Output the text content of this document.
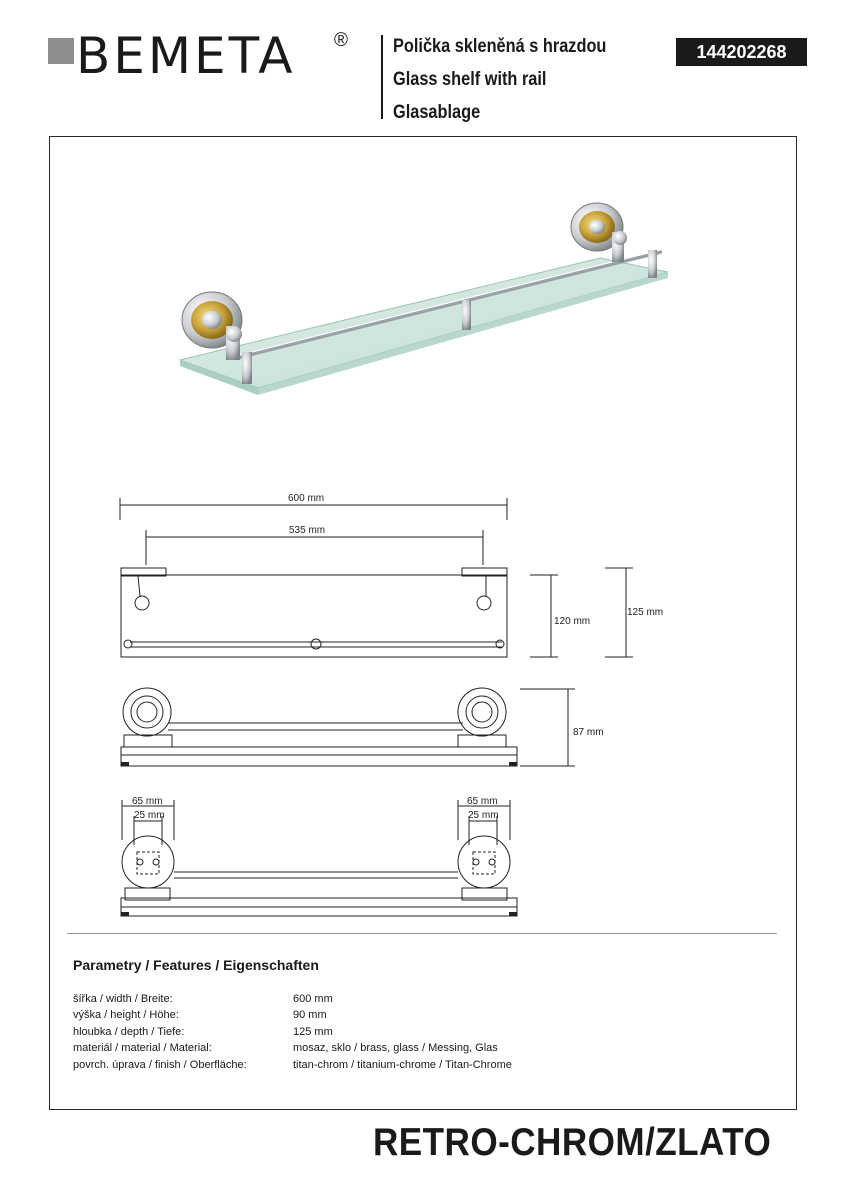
BEMETA ® Polička skleněná s hrazdou
Glass shelf with rail
Glasablage
144202268
600 mm
535 mm
120 mm
125 mm
87 mm
65 mm
25 mm
65 mm
25 mm
Parametry / Features / Eigenschaften
šířka / width / Breite:	600 mm
výška / height / Höhe:	90 mm
hloubka / depth / Tiefe:	125 mm
materiál / material / Material:	mosaz, sklo / brass, glass / Messing, Glas
povrch. úprava / finish / Oberfläche:	titan-chrom / titanium-chrome / Titan-Chrome
RETRO-CHROM/ZLATO
